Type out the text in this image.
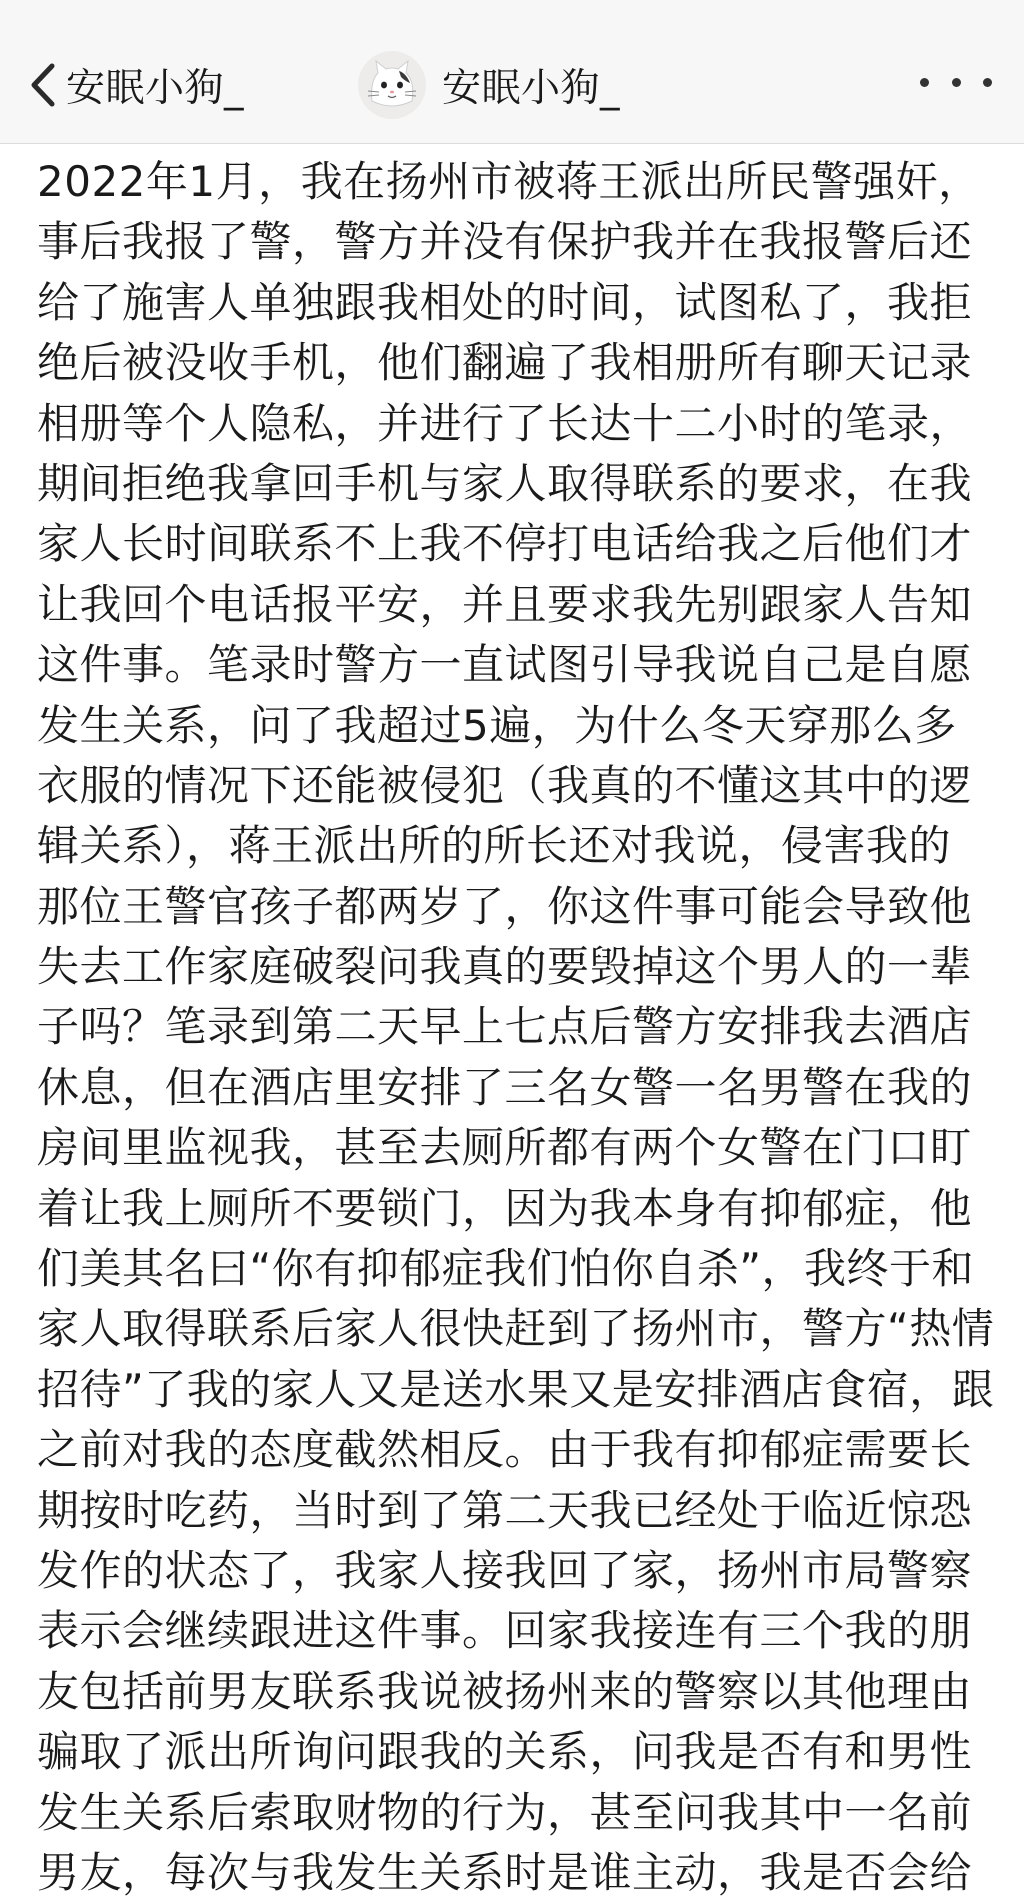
安眠小狗_	安眠小狗_
2022年1月，我在扬州市被蒋王派出所民警强奸，
事后我报了警，警方并没有保护我并在我报警后还
给了施害人单独跟我相处的时间，试图私了，我拒
绝后被没收手机，他们翻遍了我相册所有聊天记录
相册等个人隐私，并进行了长达十二小时的笔录，
期间拒绝我拿回手机与家人取得联系的要求，在我
家人长时间联系不上我不停打电话给我之后他们才
让我回个电话报平安，并且要求我先别跟家人告知
这件事。笔录时警方一直试图引导我说自己是自愿
发生关系，问了我超过5遍，为什么冬天穿那么多
衣服的情况下还能被侵犯（我真的不懂这其中的逻
辑关系），蒋王派出所的所长还对我说，侵害我的
那位王警官孩子都两岁了，你这件事可能会导致他
失去工作家庭破裂问我真的要毁掉这个男人的一辈
子吗？笔录到第二天早上七点后警方安排我去酒店
休息，但在酒店里安排了三名女警一名男警在我的
房间里监视我，甚至去厕所都有两个女警在门口盯
着让我上厕所不要锁门，因为我本身有抑郁症，他
们美其名曰“你有抑郁症我们怕你自杀”，我终于和
家人取得联系后家人很快赶到了扬州市，警方“热情
招待”了我的家人又是送水果又是安排酒店食宿，跟
之前对我的态度截然相反。由于我有抑郁症需要长
期按时吃药，当时到了第二天我已经处于临近惊恐
发作的状态了，我家人接我回了家，扬州市局警察
表示会继续跟进这件事。回家我接连有三个我的朋
友包括前男友联系我说被扬州来的警察以其他理由
骗取了派出所询问跟我的关系，问我是否有和男性
发生关系后索取财物的行为，甚至问我其中一名前
男友，每次与我发生关系时是谁主动，我是否会给
